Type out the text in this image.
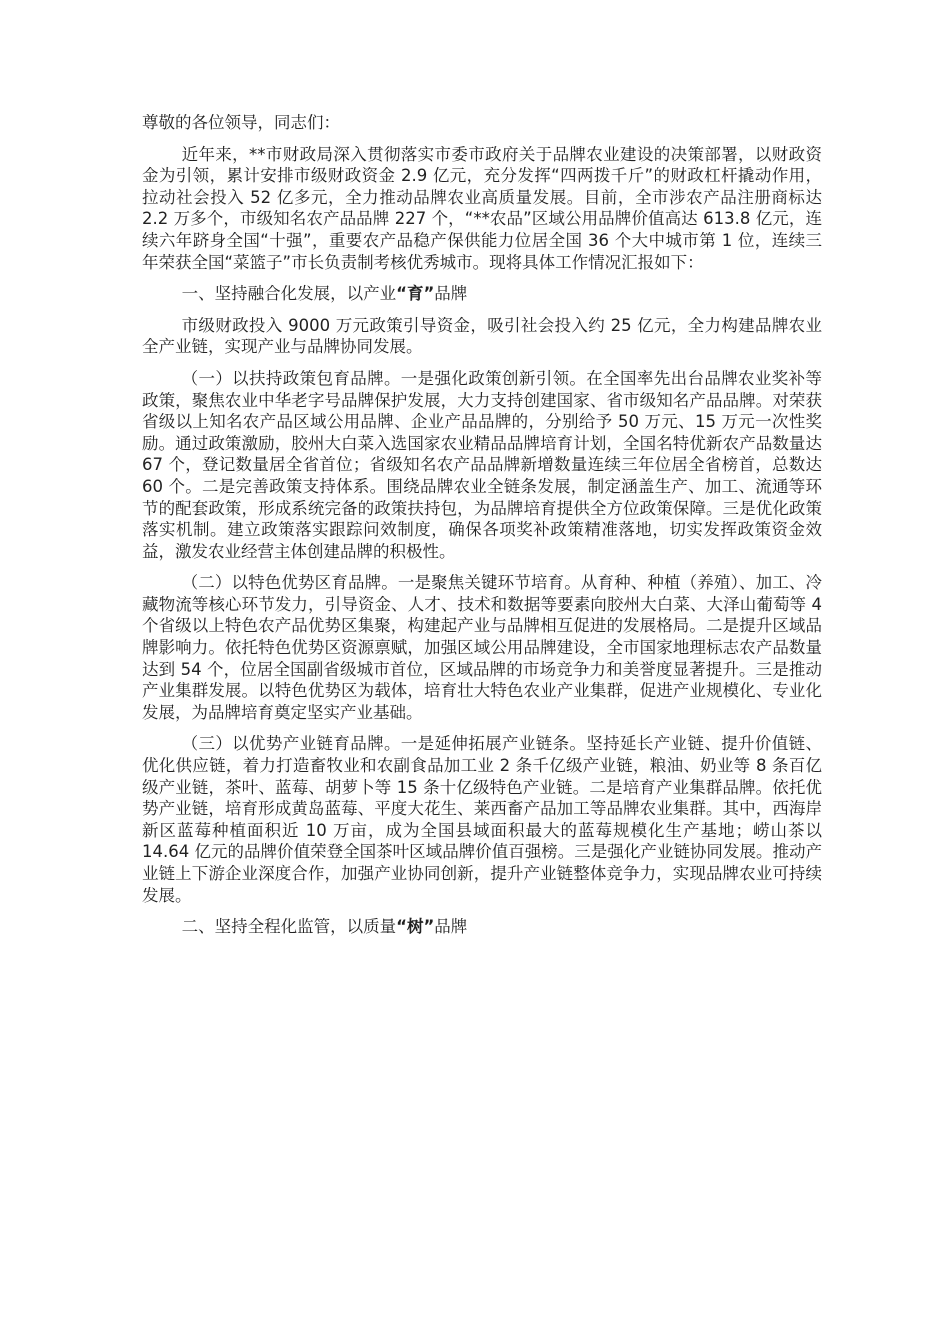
尊敬的各位领导，同志们：

近年来，**市财政局深入贯彻落实市委市政府关于品牌农业建设的决策部署，以财政资金为引领，累计安排市级财政资金 2.9 亿元，充分发挥“四两拨千斤”的财政杠杆撬动作用，拉动社会投入 52 亿多元，全力推动品牌农业高质量发展。目前，全市涉农产品注册商标达 2.2 万多个，市级知名农产品品牌 227 个，“**农品”区域公用品牌价值高达 613.8 亿元，连续六年跻身全国“十强”，重要农产品稳产保供能力位居全国 36 个大中城市第 1 位，连续三年荣获全国“菜篮子”市长负责制考核优秀城市。现将具体工作情况汇报如下：

一、坚持融合化发展，以产业“育”品牌

市级财政投入 9000 万元政策引导资金，吸引社会投入约 25 亿元，全力构建品牌农业全产业链，实现产业与品牌协同发展。

（一）以扶持政策包育品牌。一是强化政策创新引领。在全国率先出台品牌农业奖补等政策，聚焦农业中华老字号品牌保护发展，大力支持创建国家、省市级知名产品品牌。对荣获省级以上知名农产品区域公用品牌、企业产品品牌的，分别给予 50 万元、15 万元一次性奖励。通过政策激励，胶州大白菜入选国家农业精品品牌培育计划，全国名特优新农产品数量达 67 个，登记数量居全省首位；省级知名农产品品牌新增数量连续三年位居全省榜首，总数达 60 个。二是完善政策支持体系。围绕品牌农业全链条发展，制定涵盖生产、加工、流通等环节的配套政策，形成系统完备的政策扶持包，为品牌培育提供全方位政策保障。三是优化政策落实机制。建立政策落实跟踪问效制度，确保各项奖补政策精准落地，切实发挥政策资金效益，激发农业经营主体创建品牌的积极性。

（二）以特色优势区育品牌。一是聚焦关键环节培育。从育种、种植（养殖）、加工、冷藏物流等核心环节发力，引导资金、人才、技术和数据等要素向胶州大白菜、大泽山葡萄等 4 个省级以上特色农产品优势区集聚，构建起产业与品牌相互促进的发展格局。二是提升区域品牌影响力。依托特色优势区资源禀赋，加强区域公用品牌建设，全市国家地理标志农产品数量达到 54 个，位居全国副省级城市首位，区域品牌的市场竞争力和美誉度显著提升。三是推动产业集群发展。以特色优势区为载体，培育壮大特色农业产业集群，促进产业规模化、专业化发展，为品牌培育奠定坚实产业基础。

（三）以优势产业链育品牌。一是延伸拓展产业链条。坚持延长产业链、提升价值链、优化供应链，着力打造畜牧业和农副食品加工业 2 条千亿级产业链，粮油、奶业等 8 条百亿级产业链，茶叶、蓝莓、胡萝卜等 15 条十亿级特色产业链。二是培育产业集群品牌。依托优势产业链，培育形成黄岛蓝莓、平度大花生、莱西畜产品加工等品牌农业集群。其中，西海岸新区蓝莓种植面积近 10 万亩，成为全国县域面积最大的蓝莓规模化生产基地；崂山茶以 14.64 亿元的品牌价值荣登全国茶叶区域品牌价值百强榜。三是强化产业链协同发展。推动产业链上下游企业深度合作，加强产业协同创新，提升产业链整体竞争力，实现品牌农业可持续发展。

二、坚持全程化监管，以质量“树”品牌
